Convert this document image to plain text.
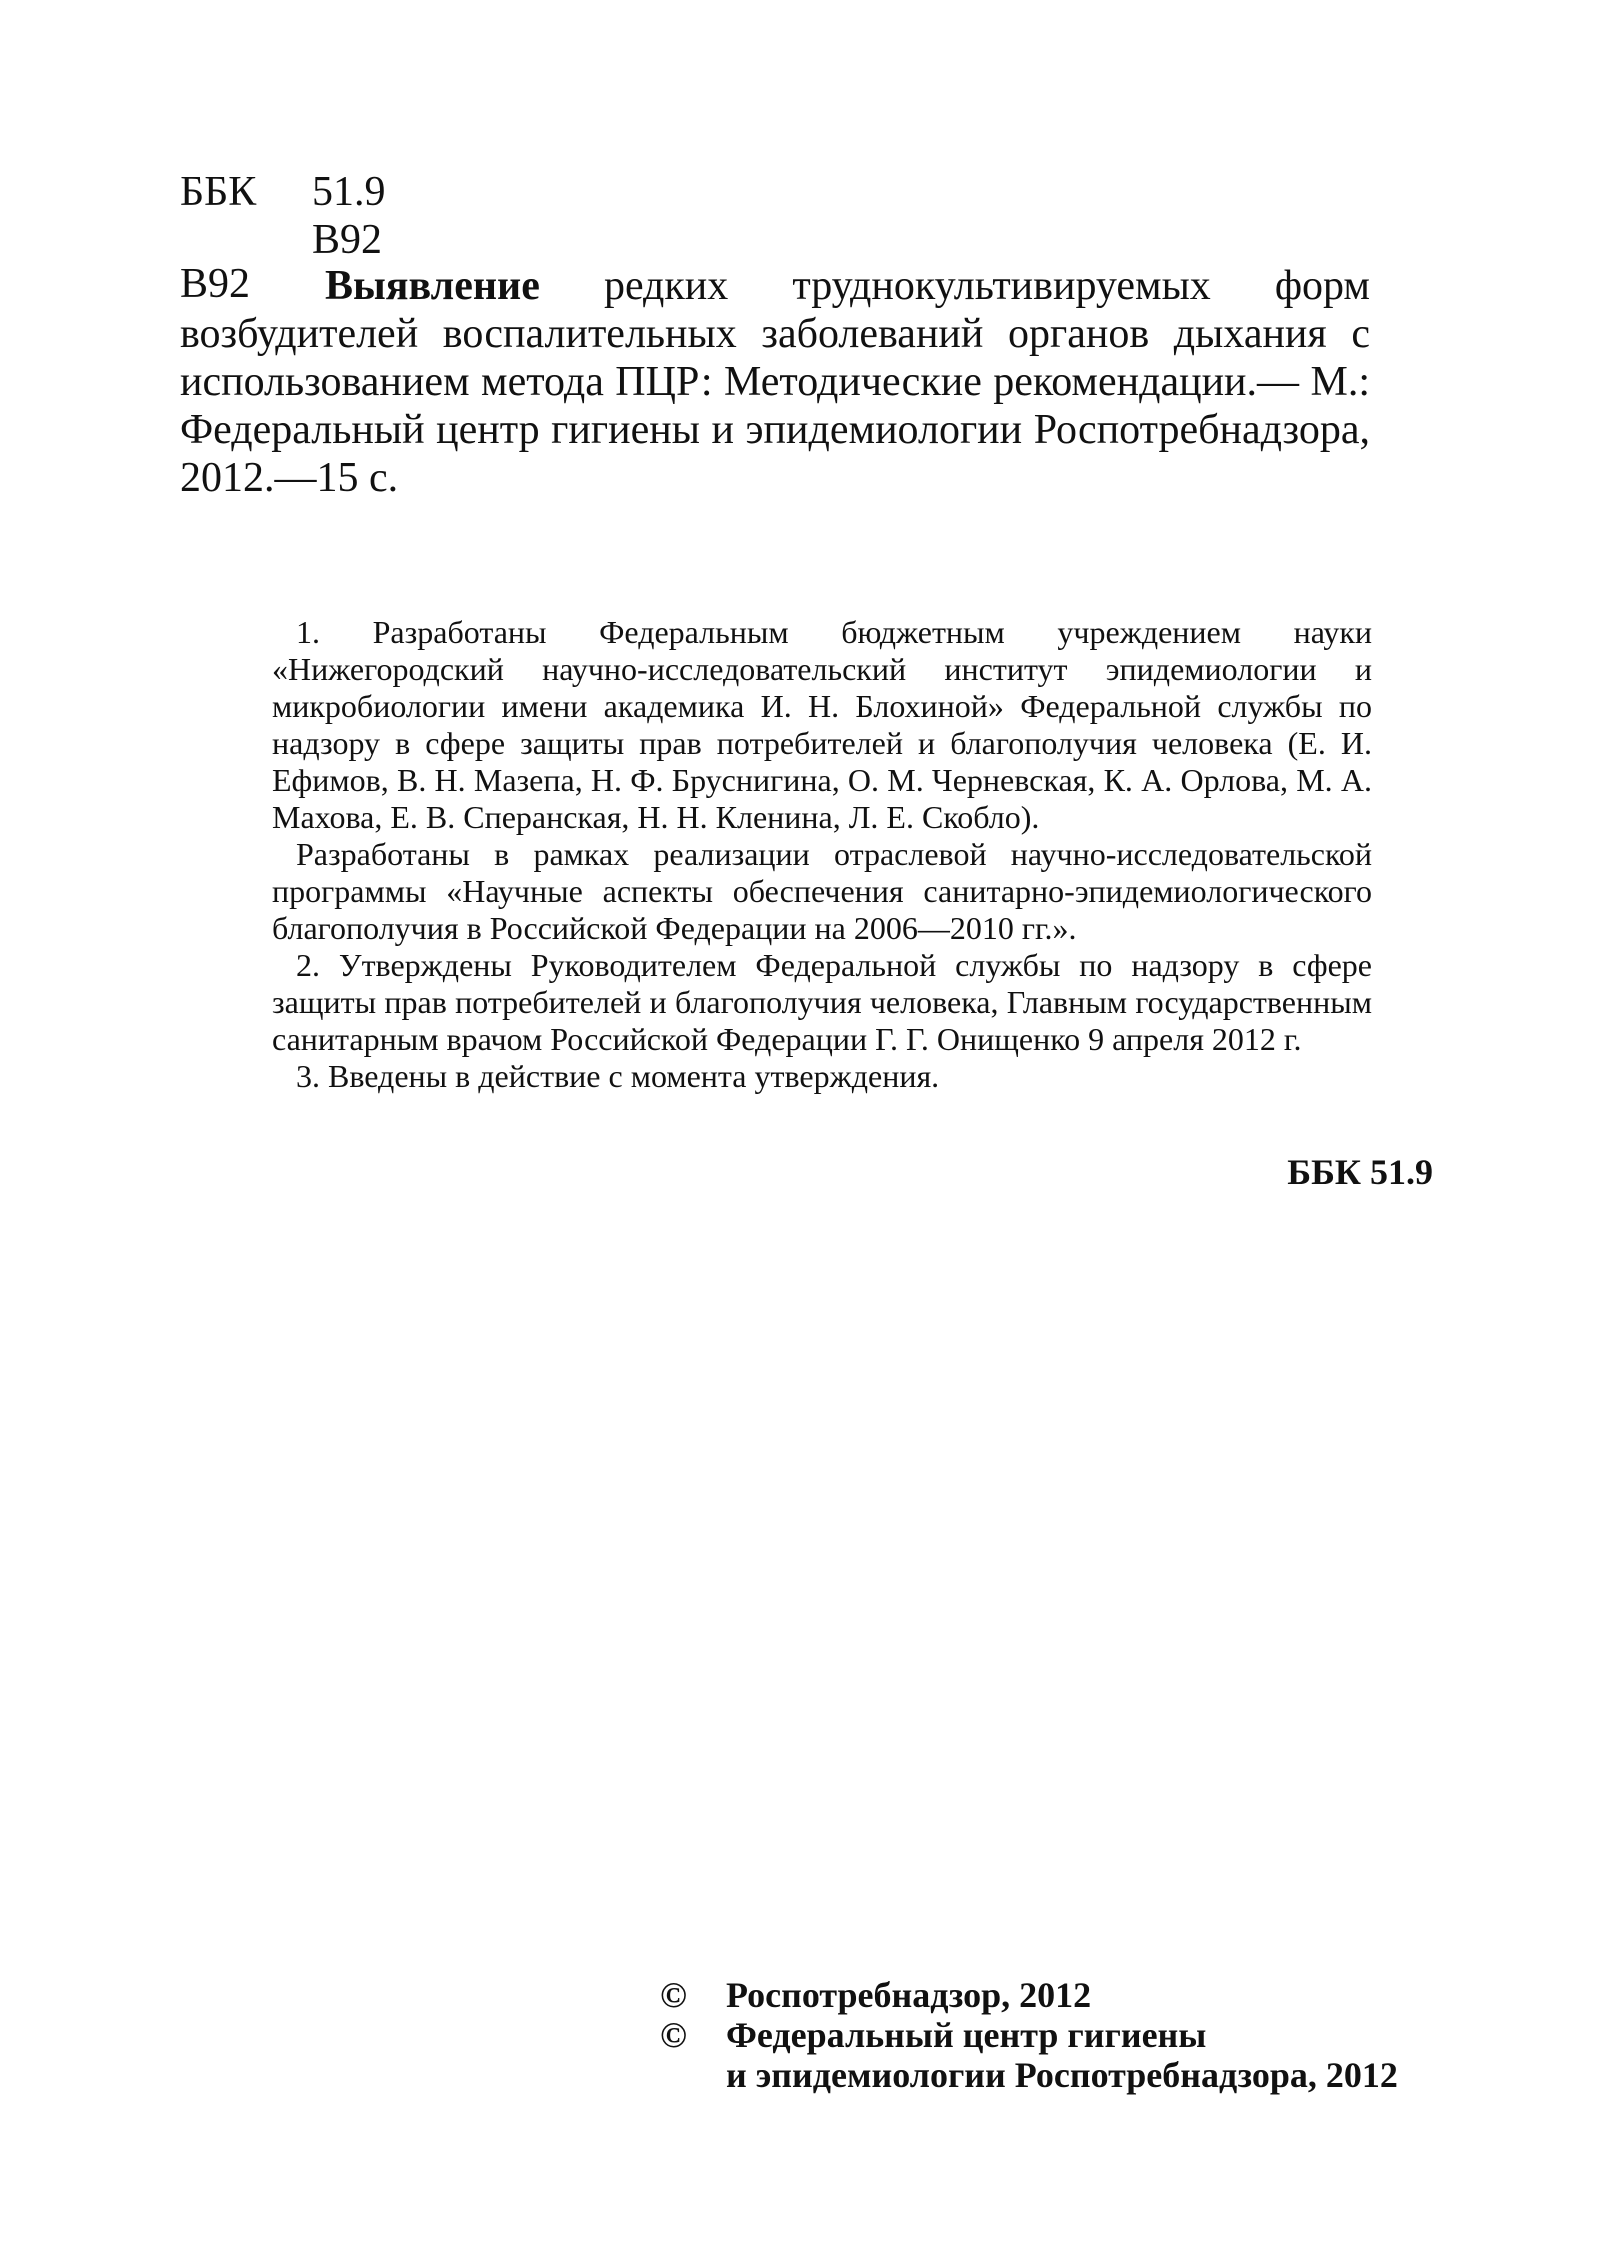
ББК 51.9
В92
Выявление редких труднокультивируемых форм возбудителей воспалительных заболеваний органов дыхания с использованием метода ПЦР: Методические рекомендации.— М.: Федеральный центр гигиены и эпидемиологии Роспотребнадзора, 2012.—15 с.
В92

1. Разработаны Федеральным бюджетным учреждением науки «Нижегородский научно-исследовательский институт эпидемиологии и микробиологии имени академика И. Н. Блохиной» Федеральной службы по надзору в сфере защиты прав потребителей и благополучия человека (Е. И. Ефимов, В. Н. Мазепа, Н. Ф. Бруснигина, О. М. Черневская, К. А. Орлова, М. А. Махова, Е. В. Сперанская, Н. Н. Кленина, Л. Е. Скобло).

Разработаны в рамках реализации отраслевой научно-исследовательской программы «Научные аспекты обеспечения санитарно-эпидемиологического благополучия в Российской Федерации на 2006—2010 гг.».

2. Утверждены Руководителем Федеральной службы по надзору в сфере защиты прав потребителей и благополучия человека, Главным государственным санитарным врачом Российской Федерации Г. Г. Онищенко 9 апреля 2012 г.

3. Введены в действие с момента утверждения.

ББК 51.9
©	Роспотребнадзор, 2012
©	Федеральный центр гигиены
и эпидемиологии Роспотребнадзора, 2012
